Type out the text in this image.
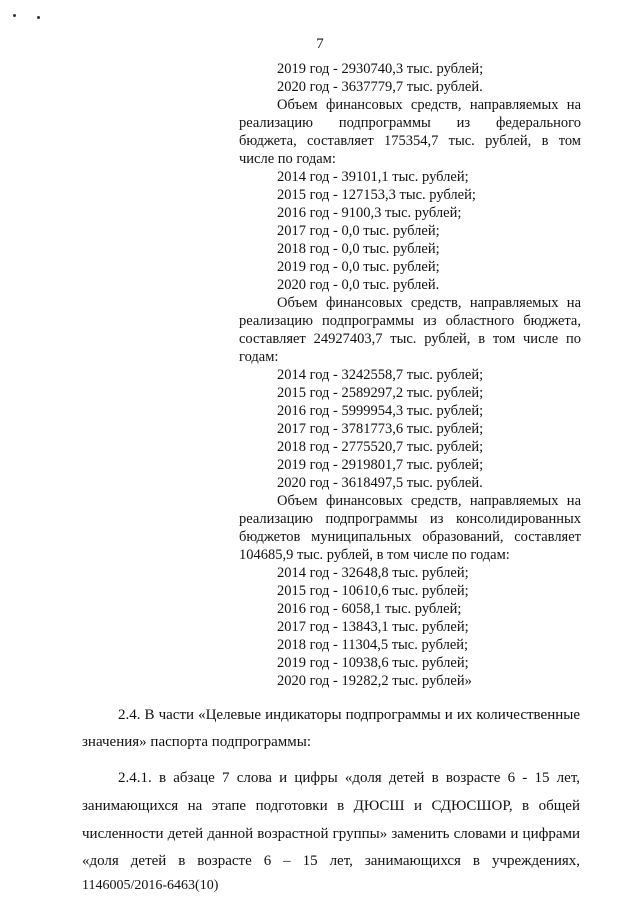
7
2019 год - 2930740,3 тыс. рублей;
2020 год - 3637779,7 тыс. рублей.
Объем финансовых средств, направляемых на
реализацию подпрограммы из федерального
бюджета, составляет 175354,7 тыс. рублей, в том
числе по годам:
2014 год - 39101,1 тыс. рублей;
2015 год - 127153,3 тыс. рублей;
2016 год - 9100,3 тыс. рублей;
2017 год - 0,0 тыс. рублей;
2018 год - 0,0 тыс. рублей;
2019 год - 0,0 тыс. рублей;
2020 год - 0,0 тыс. рублей.
Объем финансовых средств, направляемых на
реализацию подпрограммы из областного бюджета,
составляет 24927403,7 тыс. рублей, в том числе по
годам:
2014 год - 3242558,7 тыс. рублей;
2015 год - 2589297,2 тыс. рублей;
2016 год - 5999954,3 тыс. рублей;
2017 год - 3781773,6 тыс. рублей;
2018 год - 2775520,7 тыс. рублей;
2019 год - 2919801,7 тыс. рублей;
2020 год - 3618497,5 тыс. рублей.
Объем финансовых средств, направляемых на
реализацию подпрограммы из консолидированных
бюджетов муниципальных образований, составляет
104685,9 тыс. рублей, в том числе по годам:
2014 год - 32648,8 тыс. рублей;
2015 год - 10610,6 тыс. рублей;
2016 год - 6058,1 тыс. рублей;
2017 год - 13843,1 тыс. рублей;
2018 год - 11304,5 тыс. рублей;
2019 год - 10938,6 тыс. рублей;
2020 год - 19282,2 тыс. рублей»
2.4. В части «Целевые индикаторы подпрограммы и их количественные
значения» паспорта подпрограммы:
2.4.1. в абзаце 7 слова и цифры «доля детей в возрасте 6 - 15 лет,
занимающихся на этапе подготовки в ДЮСШ и СДЮСШОР, в общей
численности детей данной возрастной группы» заменить словами и цифрами
1146005/2016-6463(10)
«доля детей в возрасте 6 – 15 лет, занимающихся в учреждениях,
